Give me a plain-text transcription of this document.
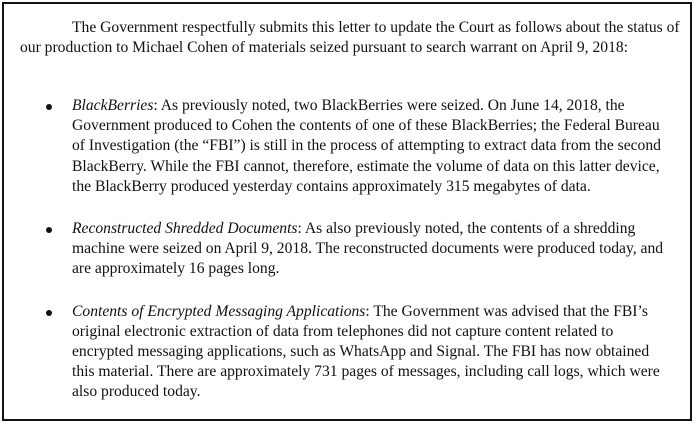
The Government respectfully submits this letter to update the Court as follows about the status of our production to Michael Cohen of materials seized pursuant to search warrant on April 9, 2018:

BlackBerries: As previously noted, two BlackBerries were seized. On June 14, 2018, the Government produced to Cohen the contents of one of these BlackBerries; the Federal Bureau of Investigation (the “FBI”) is still in the process of attempting to extract data from the second BlackBerry. While the FBI cannot, therefore, estimate the volume of data on this latter device, the BlackBerry produced yesterday contains approximately 315 megabytes of data.
Reconstructed Shredded Documents: As also previously noted, the contents of a shredding machine were seized on April 9, 2018. The reconstructed documents were produced today, and are approximately 16 pages long.
Contents of Encrypted Messaging Applications: The Government was advised that the FBI’s original electronic extraction of data from telephones did not capture content related to encrypted messaging applications, such as WhatsApp and Signal. The FBI has now obtained this material. There are approximately 731 pages of messages, including call logs, which were also produced today.
